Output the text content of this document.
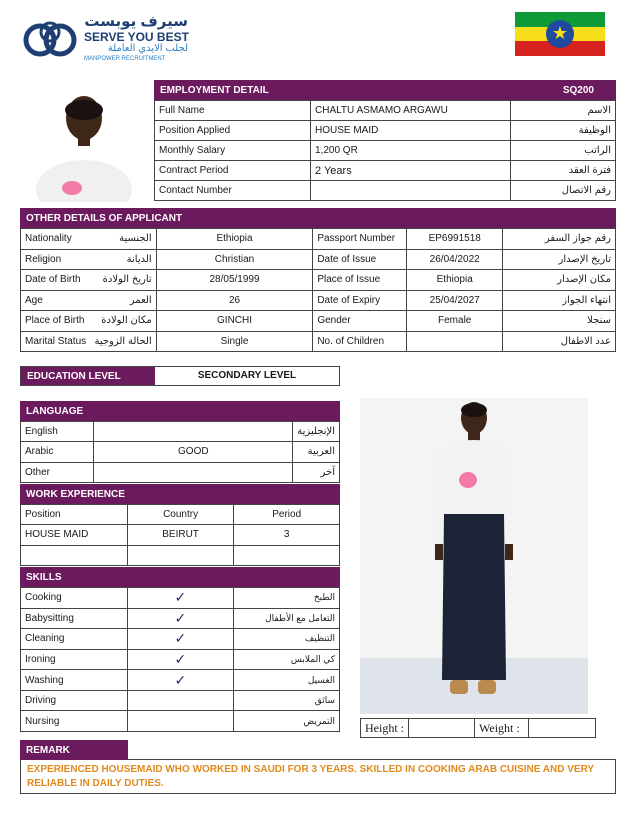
سيرف يوبست
SERVE YOU BEST
لجلب الايدي العاملة
MANPOWER RECRUITMENT
★
EMPLOYMENT DETAIL	SQ200
Full Name	CHALTU ASMAMO ARGAWU	الاسم
Position Applied	HOUSE MAID	الوظيفة
Monthly Salary	1,200 QR	الراتب
Contract Period	2 Years	فترة العقد
Contact Number		رقم الاتصال
OTHER DETAILS OF APPLICANT
Nationality الجنسية	Ethiopia	Passport Number	EP6991518	رقم جواز السفر
Religion الديانة	Christian	Date of Issue	26/04/2022	تاريخ الإصدار
Date of Birth تاريخ الولادة	28/05/1999	Place of Issue	Ethiopia	مكان الإصدار
Age العمر	26	Date of Expiry	25/04/2027	انتهاء الجواز
Place of Birth مكان الولادة	GINCHI	Gender	Female	سنجلا
Marital Status الحالة الزوجية	Single	No. of Children		عدد الاطفال
EDUCATION LEVEL	SECONDARY LEVEL
LANGUAGE
English		الإنجليزية
Arabic	GOOD	العربية
Other		آخر
WORK EXPERIENCE
Position	Country	Period
HOUSE MAID	BEIRUT	3

SKILLS
Cooking	✓	الطبخ
Babysitting	✓	التعامل مع الأطفال
Cleaning	✓	التنظيف
Ironing	✓	كي الملابس
Washing	✓	الغسيل
Driving		سائق
Nursing		التمريض
Height :	Weight :
REMARK
EXPERIENCED HOUSEMAID WHO WORKED IN SAUDI FOR 3 YEARS. SKILLED IN COOKING ARAB CUISINE AND VERY RELIABLE IN DAILY DUTIES.
